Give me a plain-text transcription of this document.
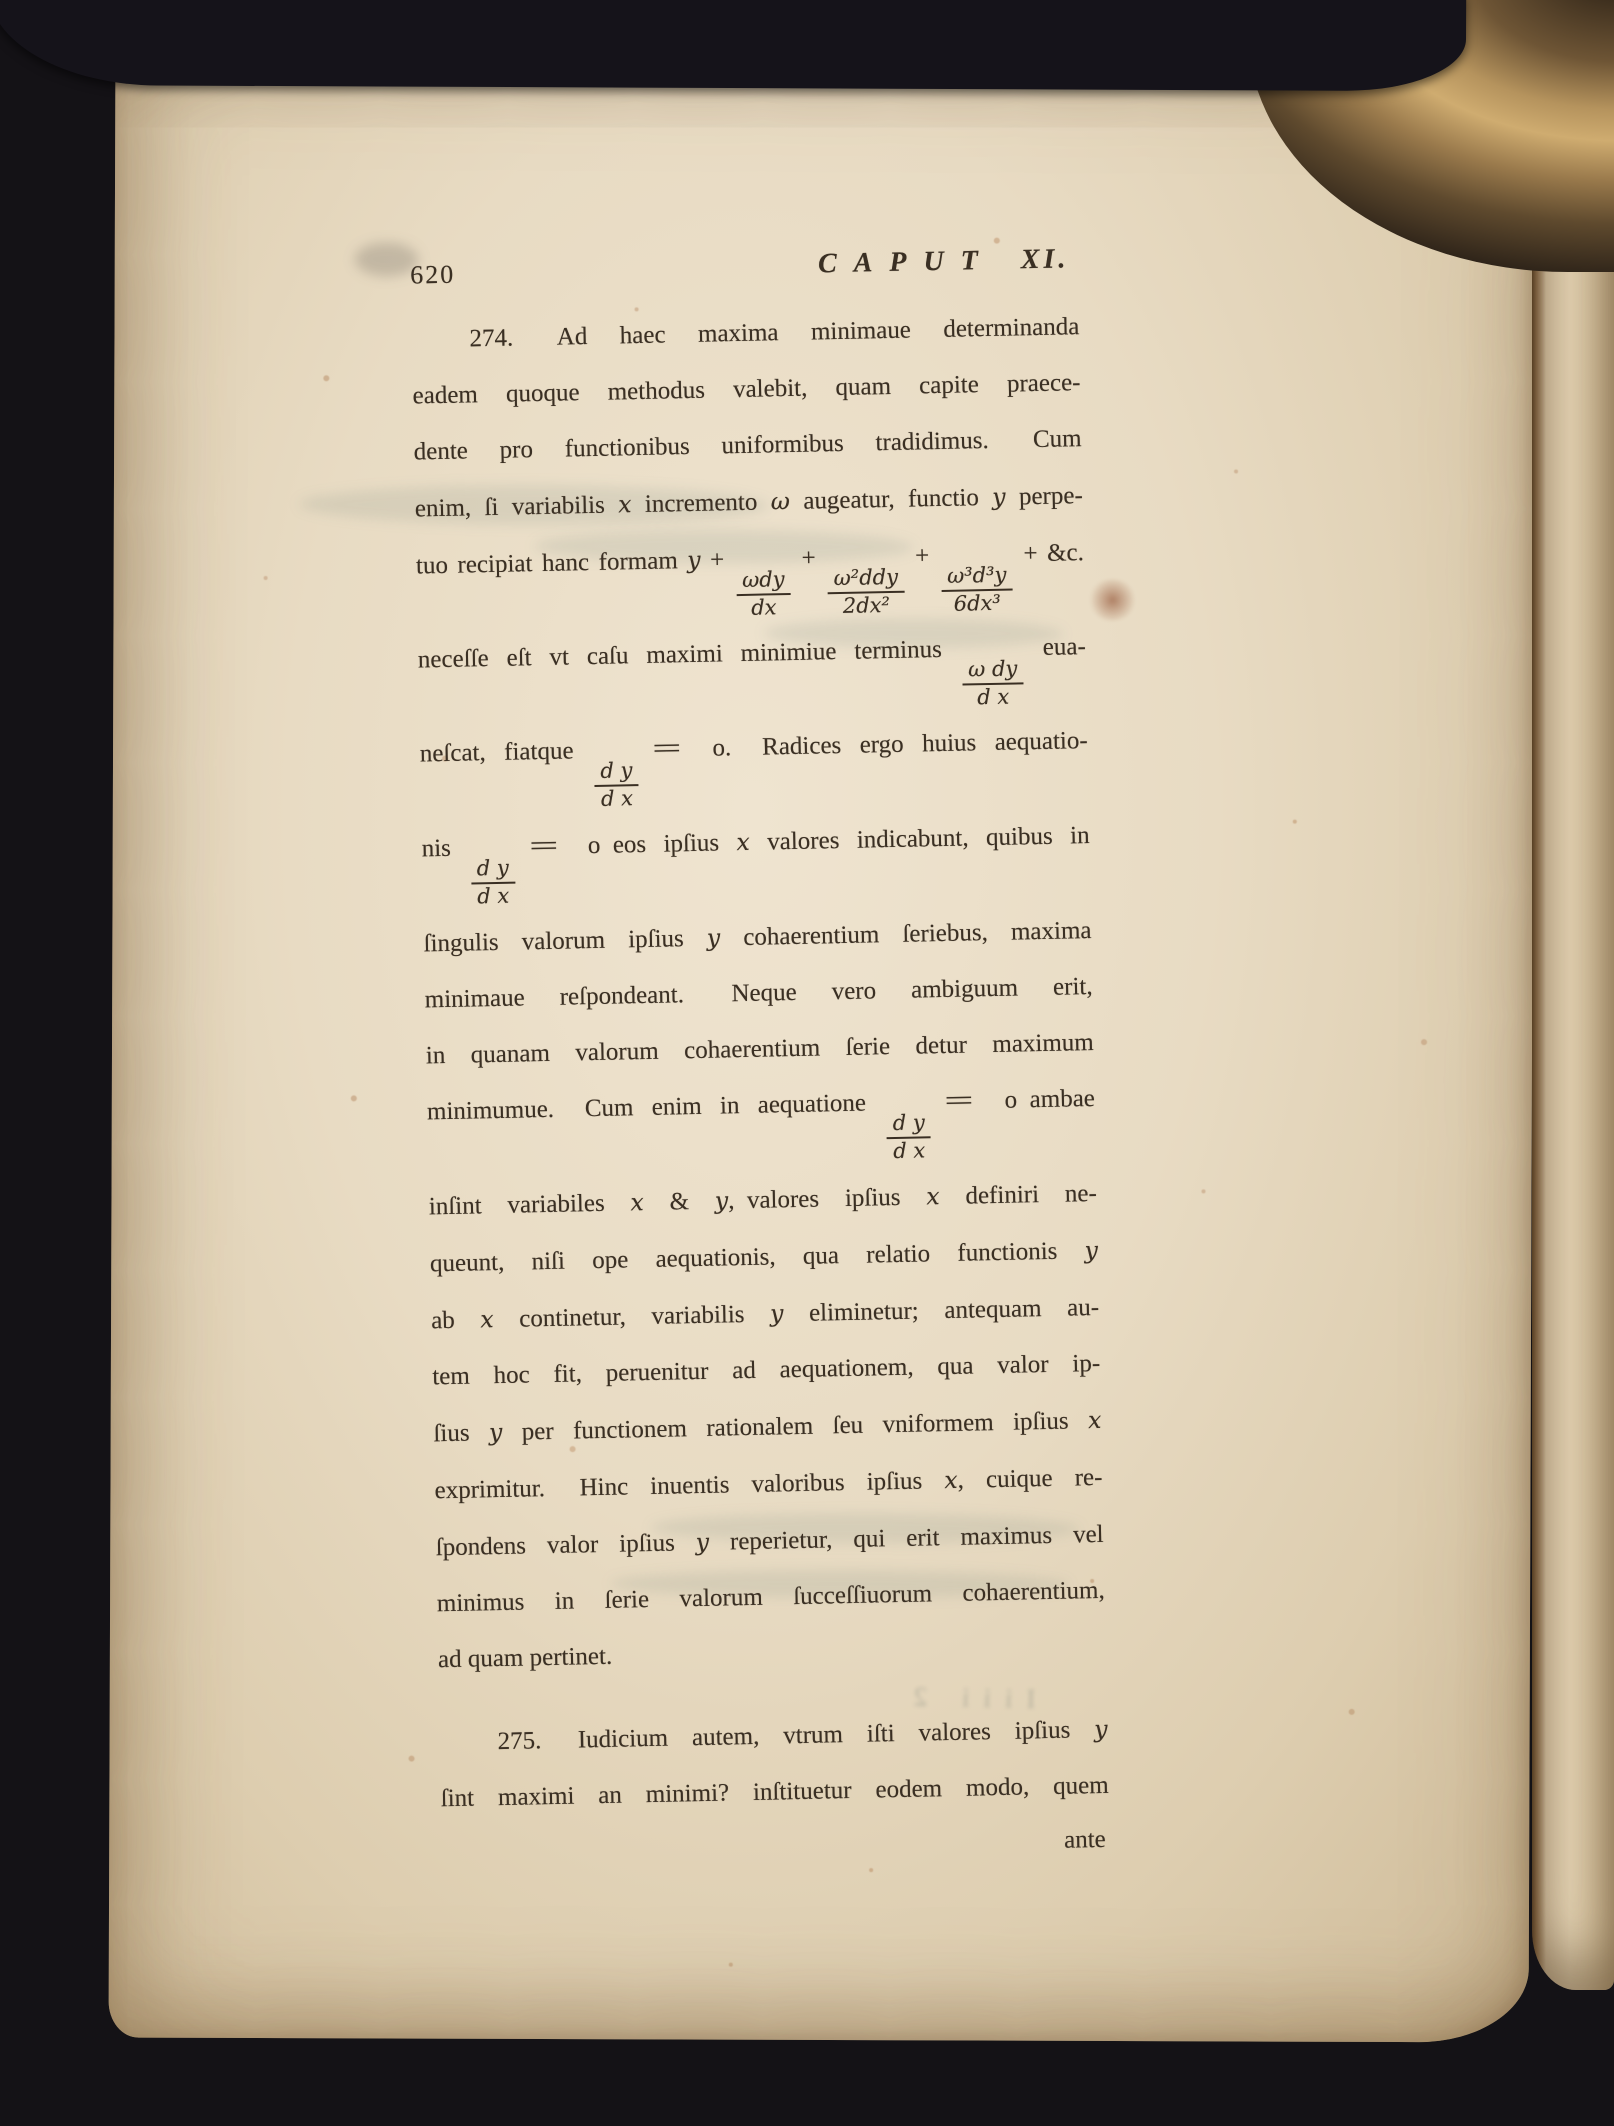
Iiii 2
620	CAPUT XI.
274.  Ad haec maxima minimaue determinanda
eadem quoque methodus valebit, quam capite praece-
dente pro functionibus uniformibus tradidimus.  Cum
enim, ſi variabilis x incremento ω augeatur, functio y perpe-
tuo recipiat hanc formam y +
$\frac{\text{ωdy}}{dx}$
+
$\frac{\text{ω²ddy}}{\text{2dx²}}$
+
$\frac{\text{ω³d³y}}{\text{6dx³}}$
+ &c.
neceſſe eſt vt caſu maximi minimiue terminus
$\frac{\text{ω dy}}{\text{d x}}$
eua-
neſcat, fiatque
$\frac{\text{d y}}{\text{d x}}$
= o.  Radices ergo huius aequatio-
nis
$\frac{\text{d y}}{\text{d x}}$
= o eos ipſius x valores indicabunt, quibus in
ſingulis valorum ipſius y cohaerentium ſeriebus, maxima
minimaue reſpondeant.  Neque vero ambiguum erit,
in quanam valorum cohaerentium ſerie detur maximum
minimumue.  Cum enim in aequatione
$\frac{\text{d y}}{\text{d x}}$
= o ambae
inſint variabiles x & y, valores ipſius x definiri ne-
queunt, niſi ope aequationis, qua relatio functionis y
ab x continetur, variabilis y eliminetur; antequam au-
tem hoc fit, peruenitur ad aequationem, qua valor ip-
ſius y per functionem rationalem ſeu vniformem ipſius x
exprimitur.  Hinc inuentis valoribus ipſius x, cuique re-
ſpondens valor ipſius y reperietur, qui erit maximus vel
minimus in ſerie valorum ſucceſſiuorum cohaerentium,
ad quam pertinet.
275.  Iudicium autem, vtrum iſti valores ipſius y
ſint maximi an minimi? inſtituetur eodem modo, quem
ante
